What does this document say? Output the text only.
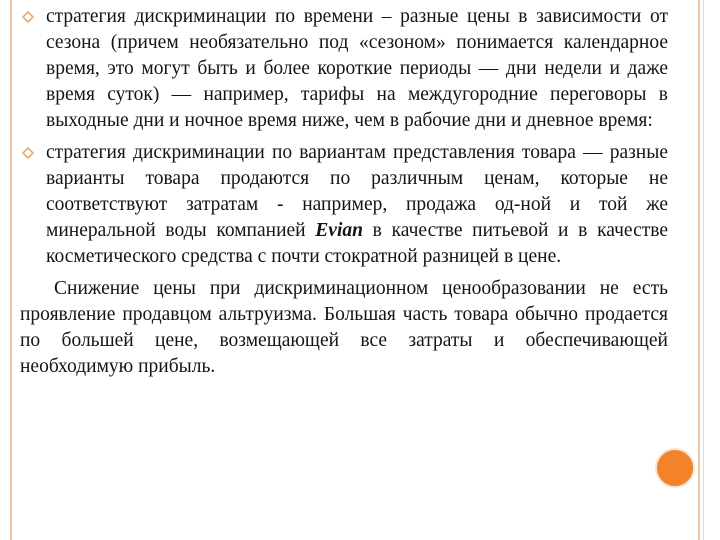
стратегия дискриминации по времени – разные цены в зависимости от сезона (причем необязательно под «сезоном» понимается календарное время, это могут быть и более короткие периоды — дни недели и даже время суток) — например, тарифы на междугородние переговоры в выходные дни и ночное время ниже, чем в рабочие дни и дневное время:
стратегия дискриминации по вариантам представления товара — разные варианты товара продаются по различным ценам, которые не соответствуют затратам - например, продажа од-ной и той же минеральной воды компанией Evian в качестве питьевой и в качестве косметического средства с почти стократной разницей в цене.
Снижение цены при дискриминационном ценообразовании не есть проявление продавцом альтруизма. Большая часть товара обычно продается по большей цене, возмещающей все затраты и обеспечивающей необходимую прибыль.
